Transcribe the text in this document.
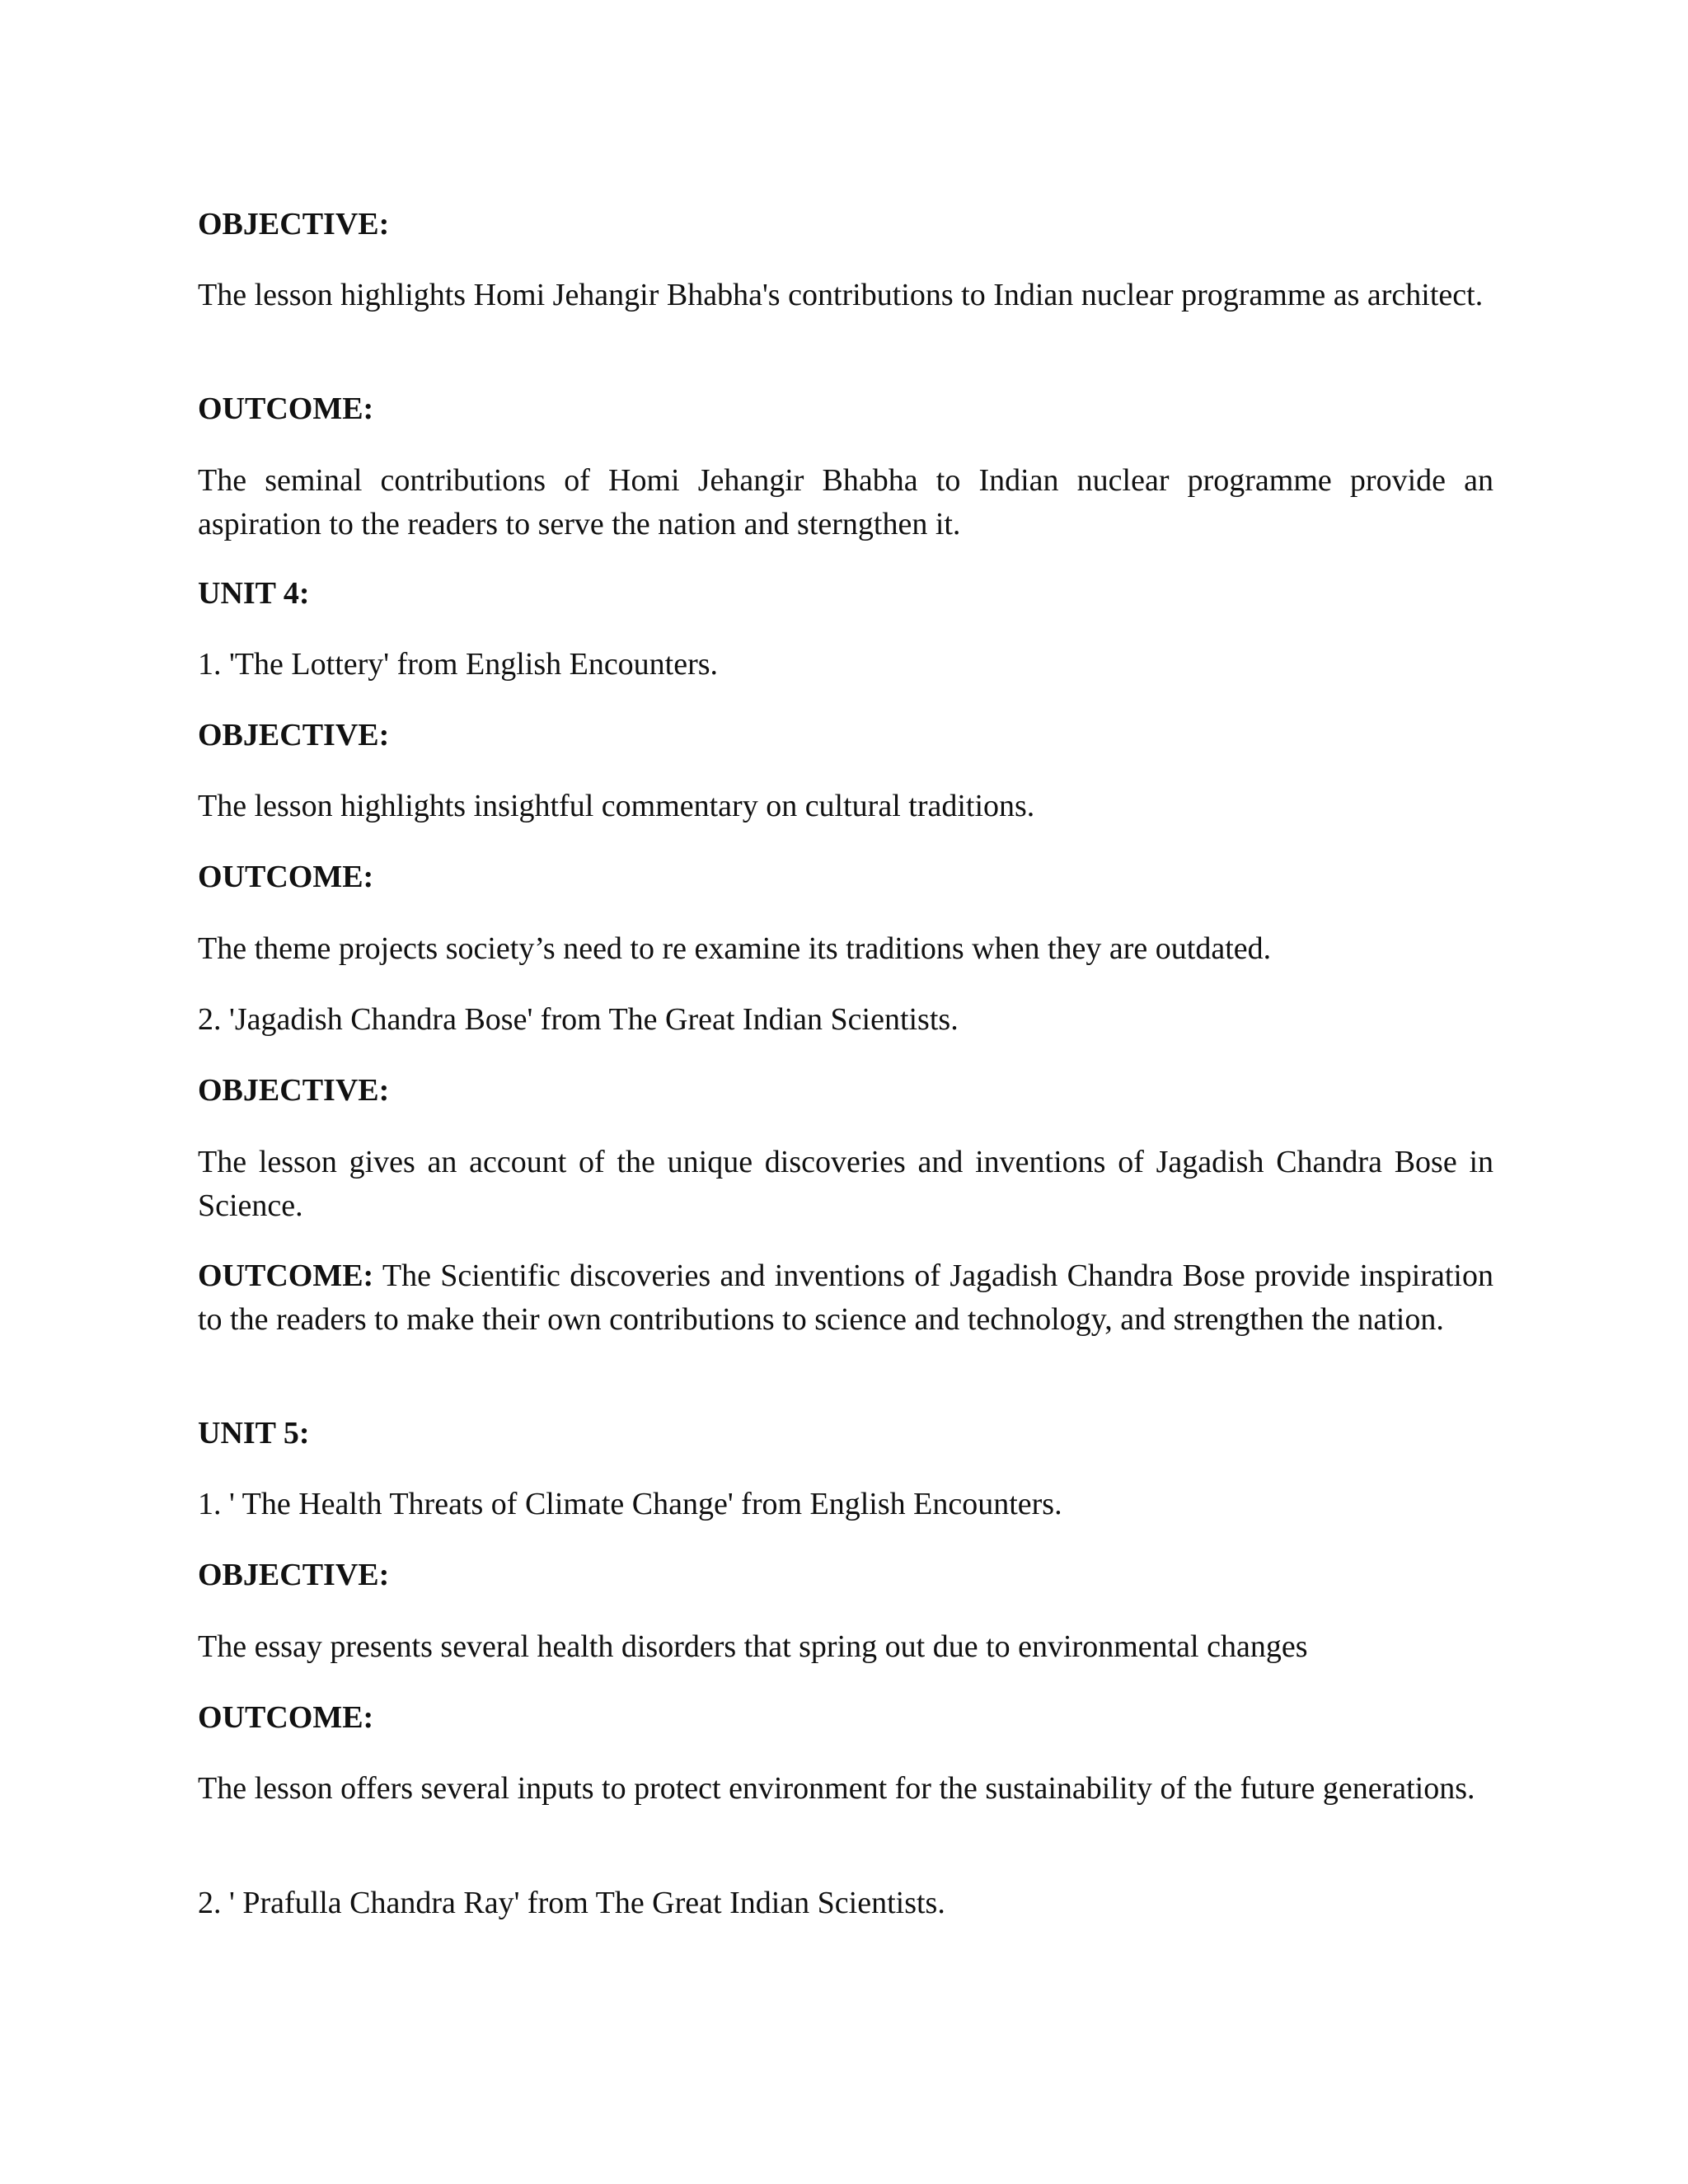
OBJECTIVE:
The lesson highlights Homi Jehangir Bhabha's contributions to Indian nuclear programme as architect.
OUTCOME:
The seminal contributions of Homi Jehangir Bhabha to Indian nuclear programme provide an aspiration to the readers to serve the nation and sterngthen it.
UNIT 4:
1. 'The Lottery' from English Encounters.
OBJECTIVE:
The lesson highlights insightful commentary on cultural traditions.
OUTCOME:
The theme projects society’s need to re examine its traditions when they are outdated.
2. 'Jagadish Chandra Bose' from The Great Indian Scientists.
OBJECTIVE:
The lesson gives an account of the unique discoveries and inventions of Jagadish Chandra Bose in Science.
OUTCOME: The Scientific discoveries and inventions of Jagadish Chandra Bose provide inspiration to the readers to make their own contributions to science and technology, and strengthen the nation.
UNIT 5:
1. ' The Health Threats of Climate Change' from English Encounters.
OBJECTIVE:
The essay presents several health disorders that spring out due to environmental changes
OUTCOME:
The lesson offers several inputs to protect environment for the sustainability of the future generations.
2. ' Prafulla Chandra Ray' from The Great Indian Scientists.
